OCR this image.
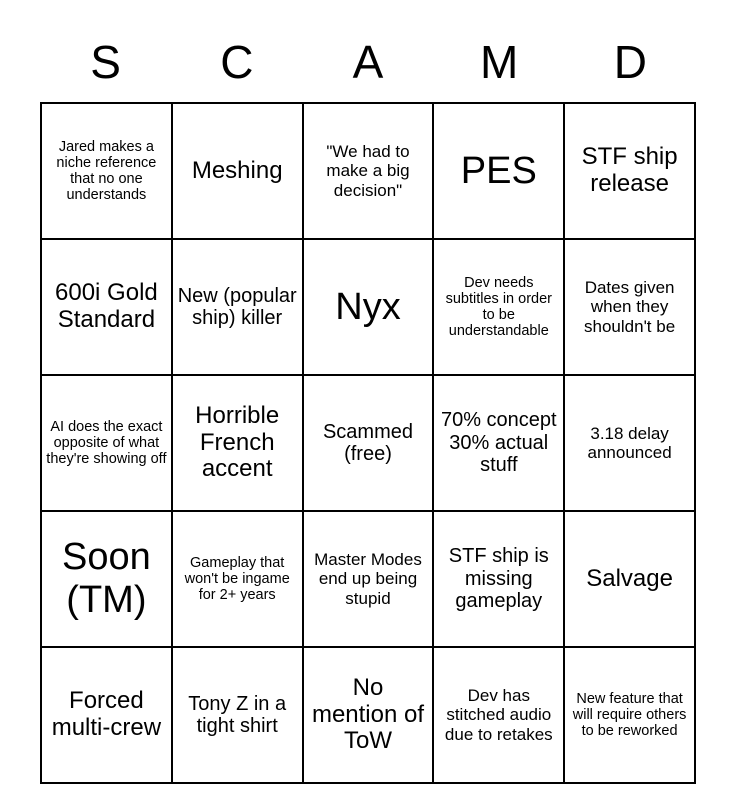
S	C	A	M	D
Jared makes a niche reference that no one understands	Meshing	"We had to make a big decision"	PES	STF ship release

600i Gold Standard	New (popular ship) killer	Nyx	Dev needs subtitles in order to be understandable	Dates given when they shouldn't be

AI does the exact opposite of what they're showing off	Horrible French accent	Scammed (free)	70% concept 30% actual stuff	3.18 delay announced

Soon (TM)	Gameplay that won't be ingame for 2+ years	Master Modes end up being stupid	STF ship is missing gameplay	Salvage

Forced multi-crew	Tony Z in a tight shirt	No mention of ToW	Dev has stitched audio due to retakes	New feature that will require others to be reworked
